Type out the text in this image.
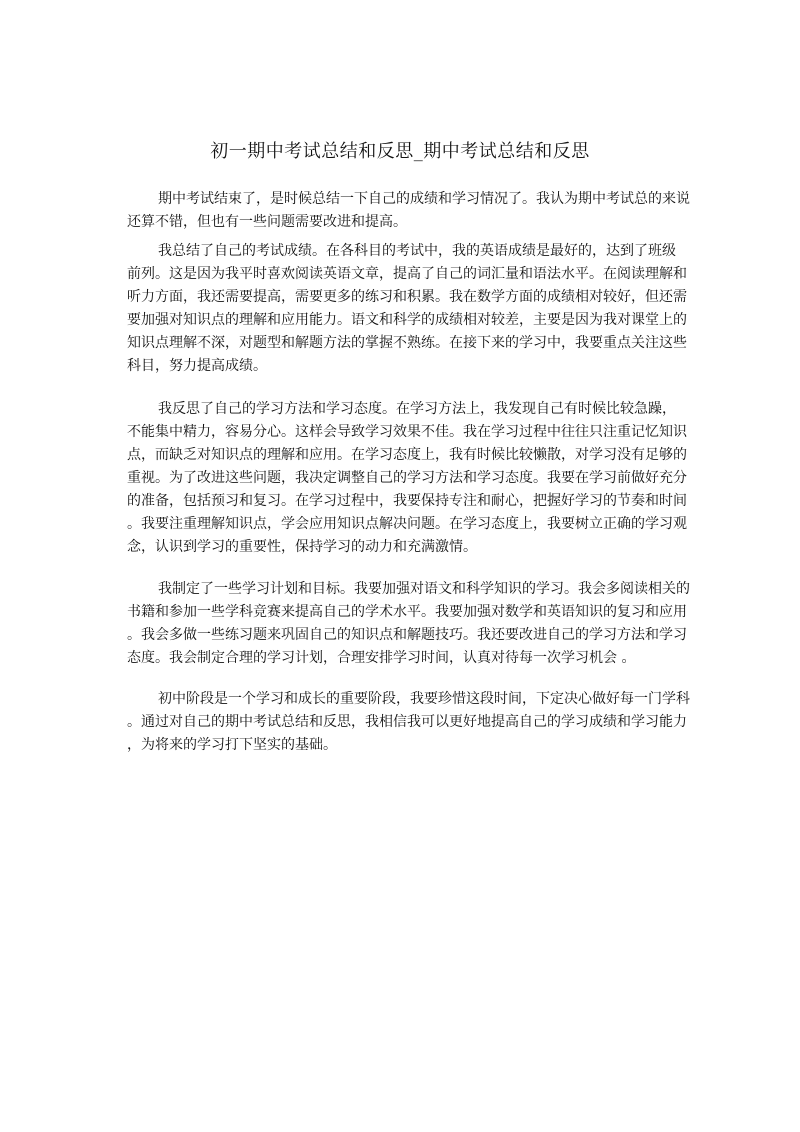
初一期中考试总结和反思_期中考试总结和反思

期中考试结束了，是时候总结一下自己的成绩和学习情况了。我认为期中考试总的来说
还算不错，但也有一些问题需要改进和提高。

我总结了自己的考试成绩。在各科目的考试中，我的英语成绩是最好的，达到了班级
前列。这是因为我平时喜欢阅读英语文章，提高了自己的词汇量和语法水平。在阅读理解和
听力方面，我还需要提高，需要更多的练习和积累。我在数学方面的成绩相对较好，但还需
要加强对知识点的理解和应用能力。语文和科学的成绩相对较差，主要是因为我对课堂上的
知识点理解不深，对题型和解题方法的掌握不熟练。在接下来的学习中，我要重点关注这些
科目，努力提高成绩。

我反思了自己的学习方法和学习态度。在学习方法上，我发现自己有时候比较急躁，
不能集中精力，容易分心。这样会导致学习效果不佳。我在学习过程中往往只注重记忆知识
点，而缺乏对知识点的理解和应用。在学习态度上，我有时候比较懒散，对学习没有足够的
重视。为了改进这些问题，我决定调整自己的学习方法和学习态度。我要在学习前做好充分
的准备，包括预习和复习。在学习过程中，我要保持专注和耐心，把握好学习的节奏和时间
。我要注重理解知识点，学会应用知识点解决问题。在学习态度上，我要树立正确的学习观
念，认识到学习的重要性，保持学习的动力和充满激情。

我制定了一些学习计划和目标。我要加强对语文和科学知识的学习。我会多阅读相关的
书籍和参加一些学科竞赛来提高自己的学术水平。我要加强对数学和英语知识的复习和应用
。我会多做一些练习题来巩固自己的知识点和解题技巧。我还要改进自己的学习方法和学习
态度。我会制定合理的学习计划，合理安排学习时间，认真对待每一次学习机会 。

初中阶段是一个学习和成长的重要阶段，我要珍惜这段时间，下定决心做好每一门学科
。通过对自己的期中考试总结和反思，我相信我可以更好地提高自己的学习成绩和学习能力
，为将来的学习打下坚实的基础。
